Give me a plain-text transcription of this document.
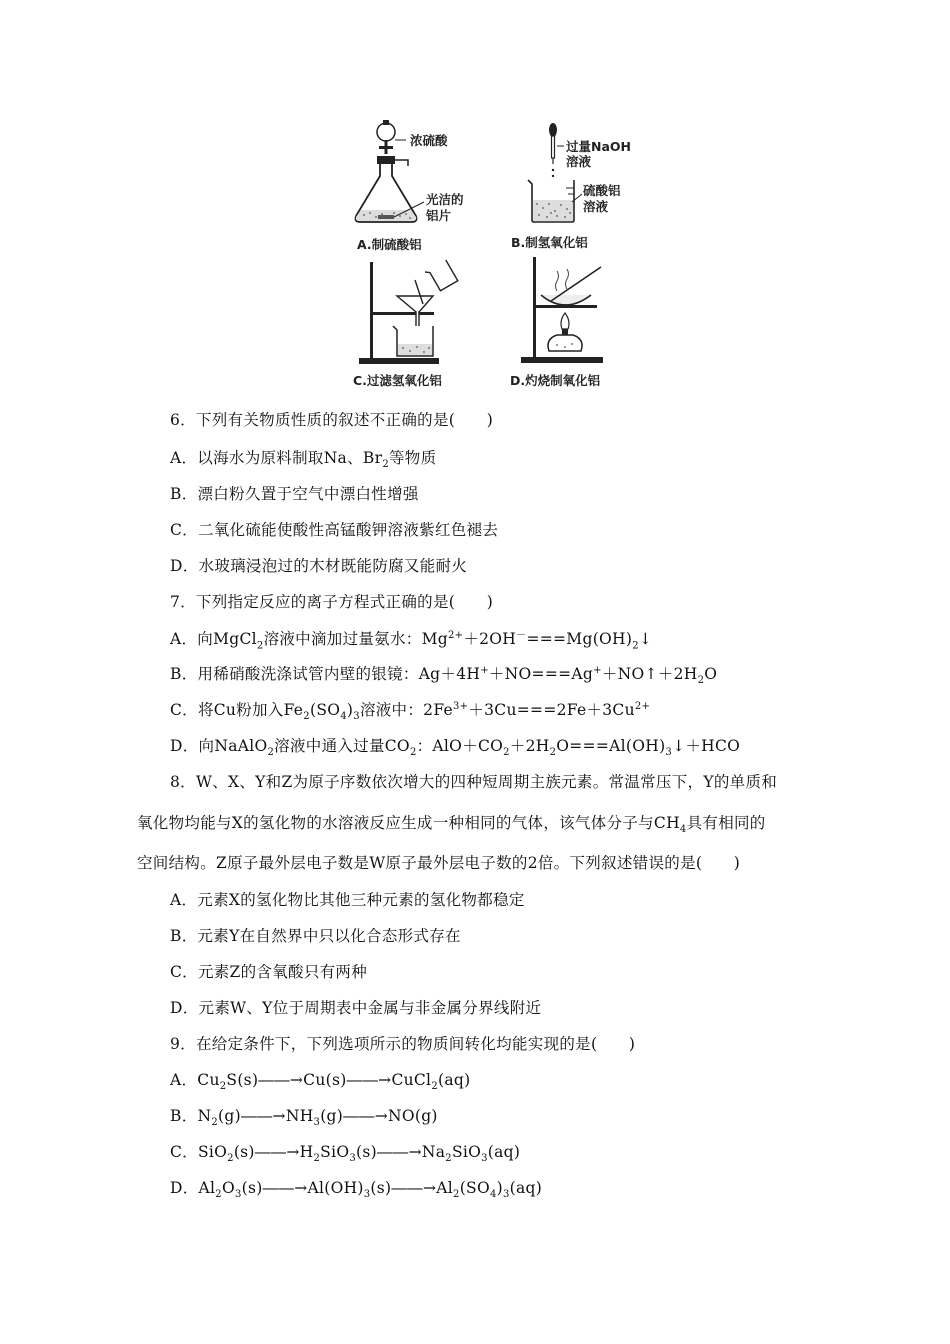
浓硫酸
光洁的
铝片
A.制硫酸铝
过量NaOH
溶液
硫酸铝
溶液
B.制氢氧化铝
C.过滤氢氧化铝	D.灼烧制氧化铝
6．下列有关物质性质的叙述不正确的是(　　)
A．以海水为原料制取Na、$Br_2$等物质
B．漂白粉久置于空气中漂白性增强
C．二氧化硫能使酸性高锰酸钾溶液紫红色褪去
D．水玻璃浸泡过的木材既能防腐又能耐火
7．下列指定反应的离子方程式正确的是(　　)
A．向MgCl$_2$溶液中滴加过量氨水：$Mg^{2+}+2OH^-===Mg(OH)_2↓$
B．用稀硝酸洗涤试管内壁的银镜：$Ag+4H^++NO===Ag^++NO↑+2H_2O$
C．将Cu粉加入$Fe_2(SO_4)_3$溶液中：$2Fe^{3+}+3Cu===2Fe+3Cu^{2+}$
D．向NaAlO$_2$溶液中通入过量$CO_2$：$AlO+CO_2+2H_2O===Al(OH)_3↓+HCO$
8．W、X、Y和Z为原子序数依次增大的四种短周期主族元素。常温常压下，Y的单质和
氧化物均能与X的氢化物的水溶液反应生成一种相同的气体，该气体分子与$CH_4$具有相同的
空间结构。Z原子最外层电子数是W原子最外层电子数的2倍。下列叙述错误的是(　　)
A．元素X的氢化物比其他三种元素的氢化物都稳定
B．元素Y在自然界中只以化合态形式存在
C．元素Z的含氧酸只有两种
D．元素W、Y位于周期表中金属与非金属分界线附近
9．在给定条件下，下列选项所示的物质间转化均能实现的是(　　)
A．$Cu_2S(s)――\to Cu(s)――\to CuCl_2(aq)$
B．$N_2(g)――\to NH_3(g)――\to NO(g)$
C．$SiO_2(s)――\to H_2SiO_3(s)――\to Na_2SiO_3(aq)$
D．$Al_2O_3(s)――\to Al(OH)_3(s)――\to Al_2(SO_4)_3(aq)$
